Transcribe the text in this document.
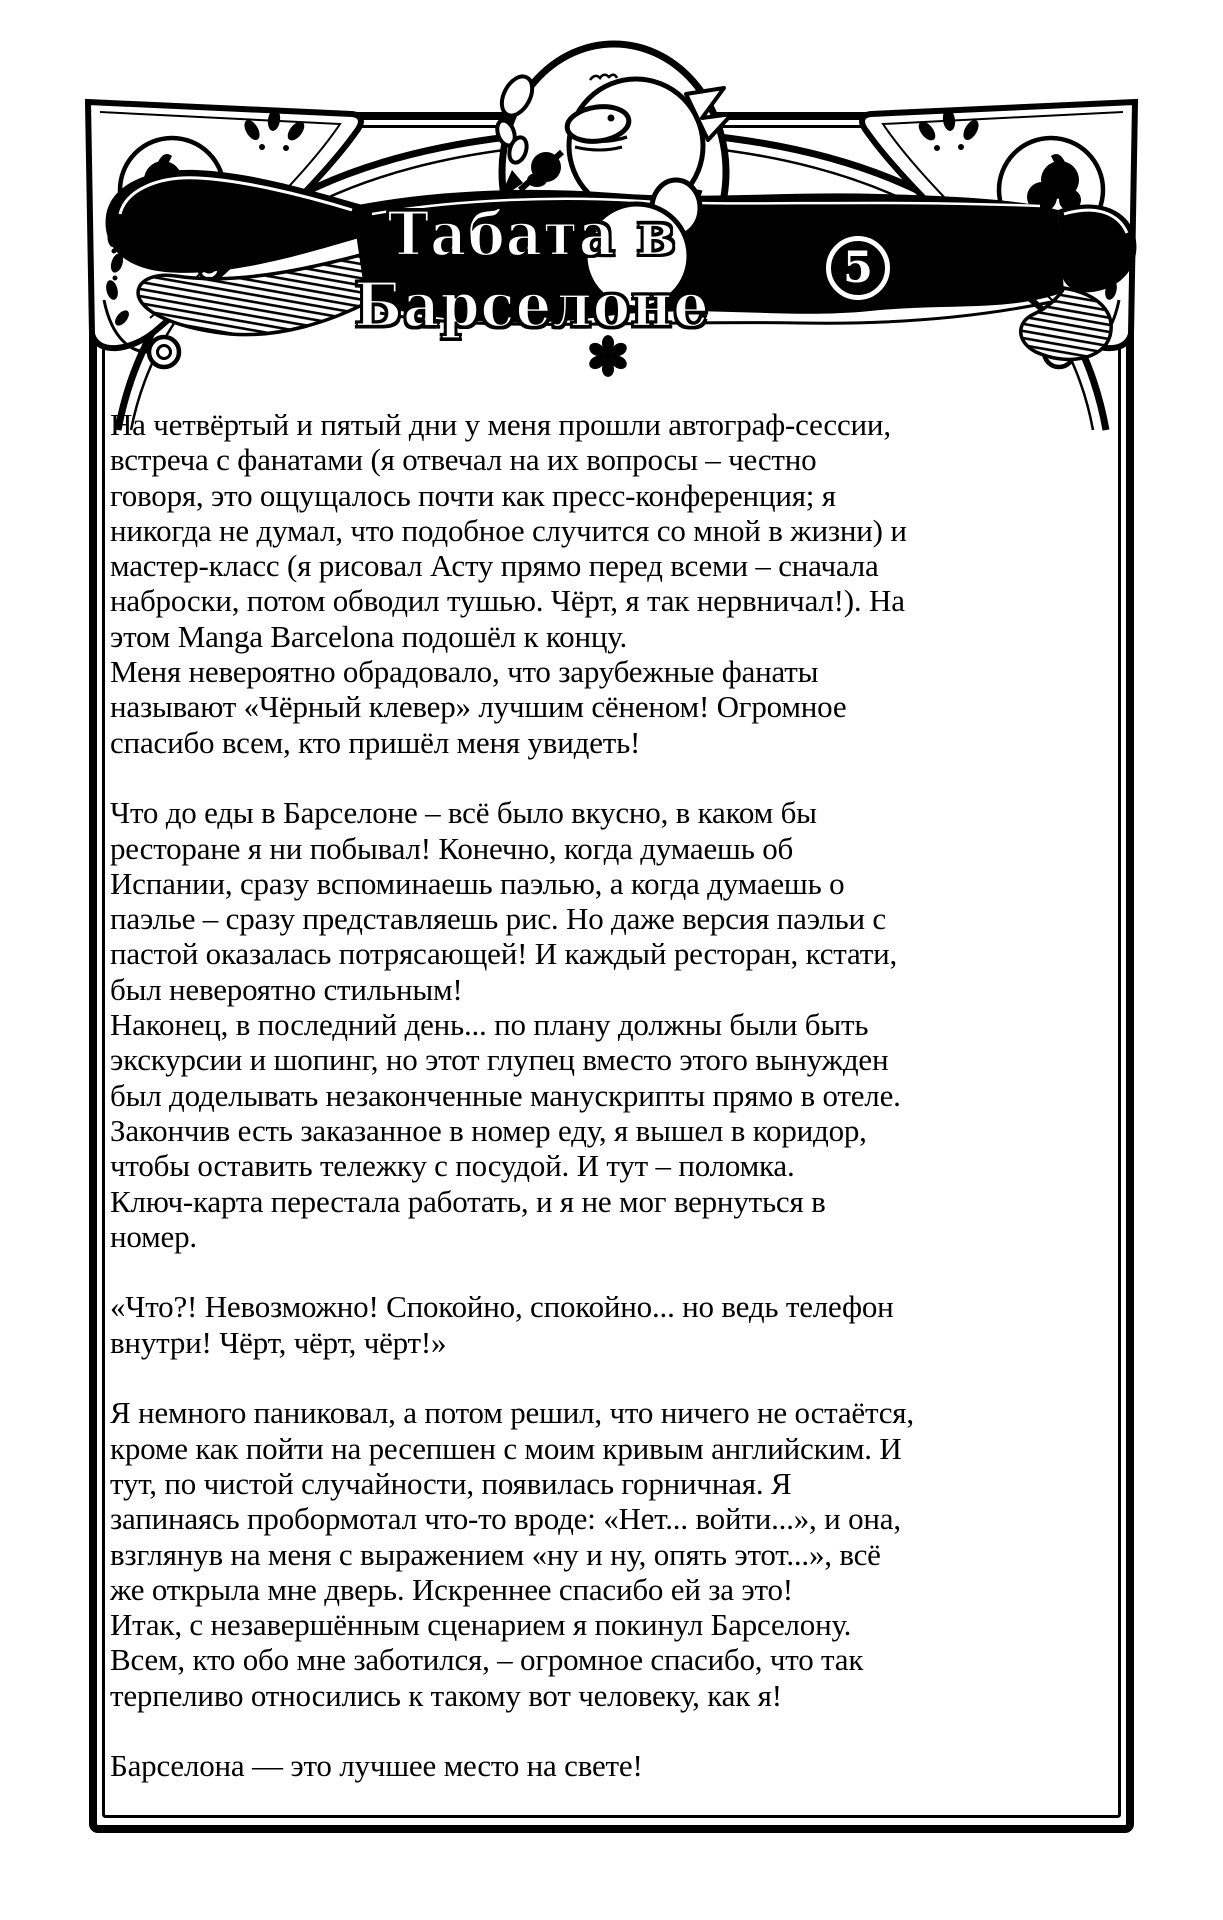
Табата в Барселоне
5
На четвёртый и пятый дни у меня прошли автограф-сессии,
встреча с фанатами (я отвечал на их вопросы – честно
говоря, это ощущалось почти как пресс-конференция; я
никогда не думал, что подобное случится со мной в жизни) и
мастер-класс (я рисовал Асту прямо перед всеми – сначала
наброски, потом обводил тушью. Чёрт, я так нервничал!). На
этом Manga Barcelona подошёл к концу.
Меня невероятно обрадовало, что зарубежные фанаты
называют «Чёрный клевер» лучшим сёненом! Огромное
спасибо всем, кто пришёл меня увидеть!
Что до еды в Барселоне – всё было вкусно, в каком бы
ресторане я ни побывал! Конечно, когда думаешь об
Испании, сразу вспоминаешь паэлью, а когда думаешь о
паэлье – сразу представляешь рис. Но даже версия паэльи с
пастой оказалась потрясающей! И каждый ресторан, кстати,
был невероятно стильным!
Наконец, в последний день... по плану должны были быть
экскурсии и шопинг, но этот глупец вместо этого вынужден
был доделывать незаконченные манускрипты прямо в отеле.
Закончив есть заказанное в номер еду, я вышел в коридор,
чтобы оставить тележку с посудой. И тут – поломка.
Ключ-карта перестала работать, и я не мог вернуться в
номер.
«Что?! Невозможно! Спокойно, спокойно... но ведь телефон
внутри! Чёрт, чёрт, чёрт!»
Я немного паниковал, а потом решил, что ничего не остаётся,
кроме как пойти на ресепшен с моим кривым английским. И
тут, по чистой случайности, появилась горничная. Я
запинаясь пробормотал что-то вроде: «Нет... войти...», и она,
взглянув на меня с выражением «ну и ну, опять этот...», всё
же открыла мне дверь. Искреннее спасибо ей за это!
Итак, с незавершённым сценарием я покинул Барселону.
Всем, кто обо мне заботился, – огромное спасибо, что так
терпеливо относились к такому вот человеку, как я!
Барселона — это лучшее место на свете!
